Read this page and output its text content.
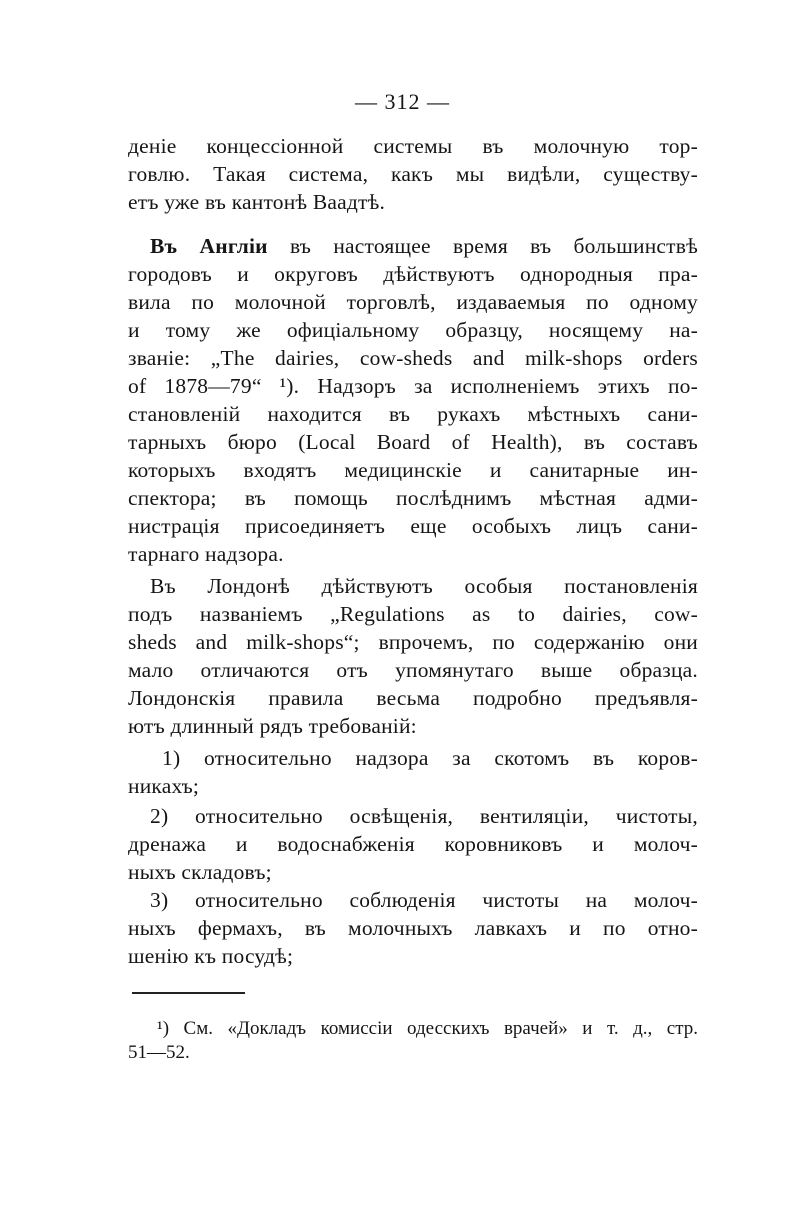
— 312 —
деніе концессіонной системы въ молочную тор-
говлю. Такая система, какъ мы видѣли, существу-
етъ уже въ кантонѣ Ваадтѣ.
Въ Англіи въ настоящее время въ большинствѣ
городовъ и округовъ дѣйствуютъ однородныя пра-
вила по молочной торговлѣ, издаваемыя по одному
и тому же офиціальному образцу, носящему на-
званіе: „The dairies, cow-sheds and milk-shops orders
of 1878—79“ ¹). Надзоръ за исполненіемъ этихъ по-
становленій находится въ рукахъ мѣстныхъ сани-
тарныхъ бюро (Local Board of Health), въ составъ
которыхъ входятъ медицинскіе и санитарные ин-
спектора; въ помощь послѣднимъ мѣстная адми-
нистрація присоединяетъ еще особыхъ лицъ сани-
тарнаго надзора.
Въ Лондонѣ дѣйствуютъ особыя постановленія
подъ названіемъ „Regulations as to dairies, cow-
sheds and milk-shops“; впрочемъ, по содержанію они
мало отличаются отъ упомянутаго выше образца.
Лондонскія правила весьма подробно предъявля-
ютъ длинный рядъ требованій:
1) относительно надзора за скотомъ въ коров-
никахъ;
2) относительно освѣщенія, вентиляціи, чистоты,
дренажа и водоснабженія коровниковъ и молоч-
ныхъ складовъ;
3) относительно соблюденія чистоты на молоч-
ныхъ фермахъ, въ молочныхъ лавкахъ и по отно-
шенію къ посудѣ;
¹) См. «Докладъ комиссіи одесскихъ врачей» и т. д., стр.
51—52.
